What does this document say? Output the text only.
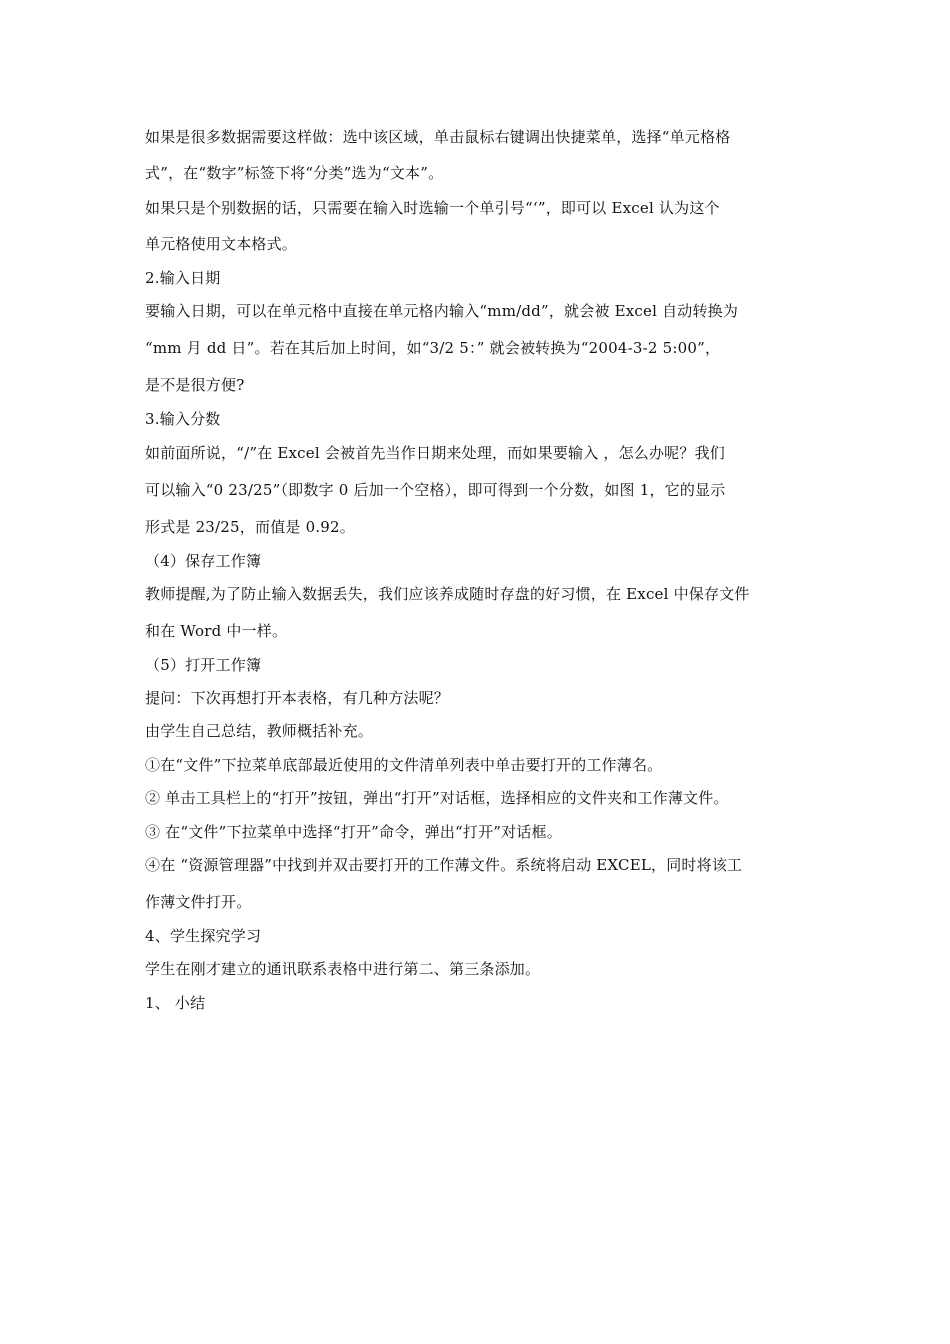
如果是很多数据需要这样做：选中该区域，单击鼠标右键调出快捷菜单，选择“单元格格
式”，在“数字”标签下将“分类”选为“文本”。
如果只是个别数据的话，只需要在输入时选输一个单引号“‘”，即可以 Excel 认为这个
单元格使用文本格式。
2.输入日期
要输入日期，可以在单元格中直接在单元格内输入“mm/dd”，就会被 Excel 自动转换为
“mm 月 dd 日”。若在其后加上时间，如“3/2 5：” 就会被转换为“2004-3-2 5:00”，
是不是很方便?
3.输入分数
如前面所说，“/”在 Excel 会被首先当作日期来处理，而如果要输入 ，怎么办呢？我们
可以输入“0 23/25”（即数字 0 后加一个空格），即可得到一个分数，如图 1，它的显示
形式是 23/25，而值是 0.92。
（4）保存工作簿
教师提醒,为了防止输入数据丢失，我们应该养成随时存盘的好习惯，在 Excel 中保存文件
和在 Word 中一样。
（5）打开工作簿
提问：下次再想打开本表格，有几种方法呢？
由学生自己总结，教师概括补充。
①在“文件”下拉菜单底部最近使用的文件清单列表中单击要打开的工作薄名。
② 单击工具栏上的“打开”按钮，弹出“打开”对话框，选择相应的文件夹和工作薄文件。
③ 在“文件”下拉菜单中选择“打开”命令，弹出“打开”对话框。
④在 “资源管理器”中找到并双击要打开的工作薄文件。系统将启动 EXCEL，同时将该工
作薄文件打开。
4、学生探究学习
学生在刚才建立的通讯联系表格中进行第二、第三条添加。
1、 小结
